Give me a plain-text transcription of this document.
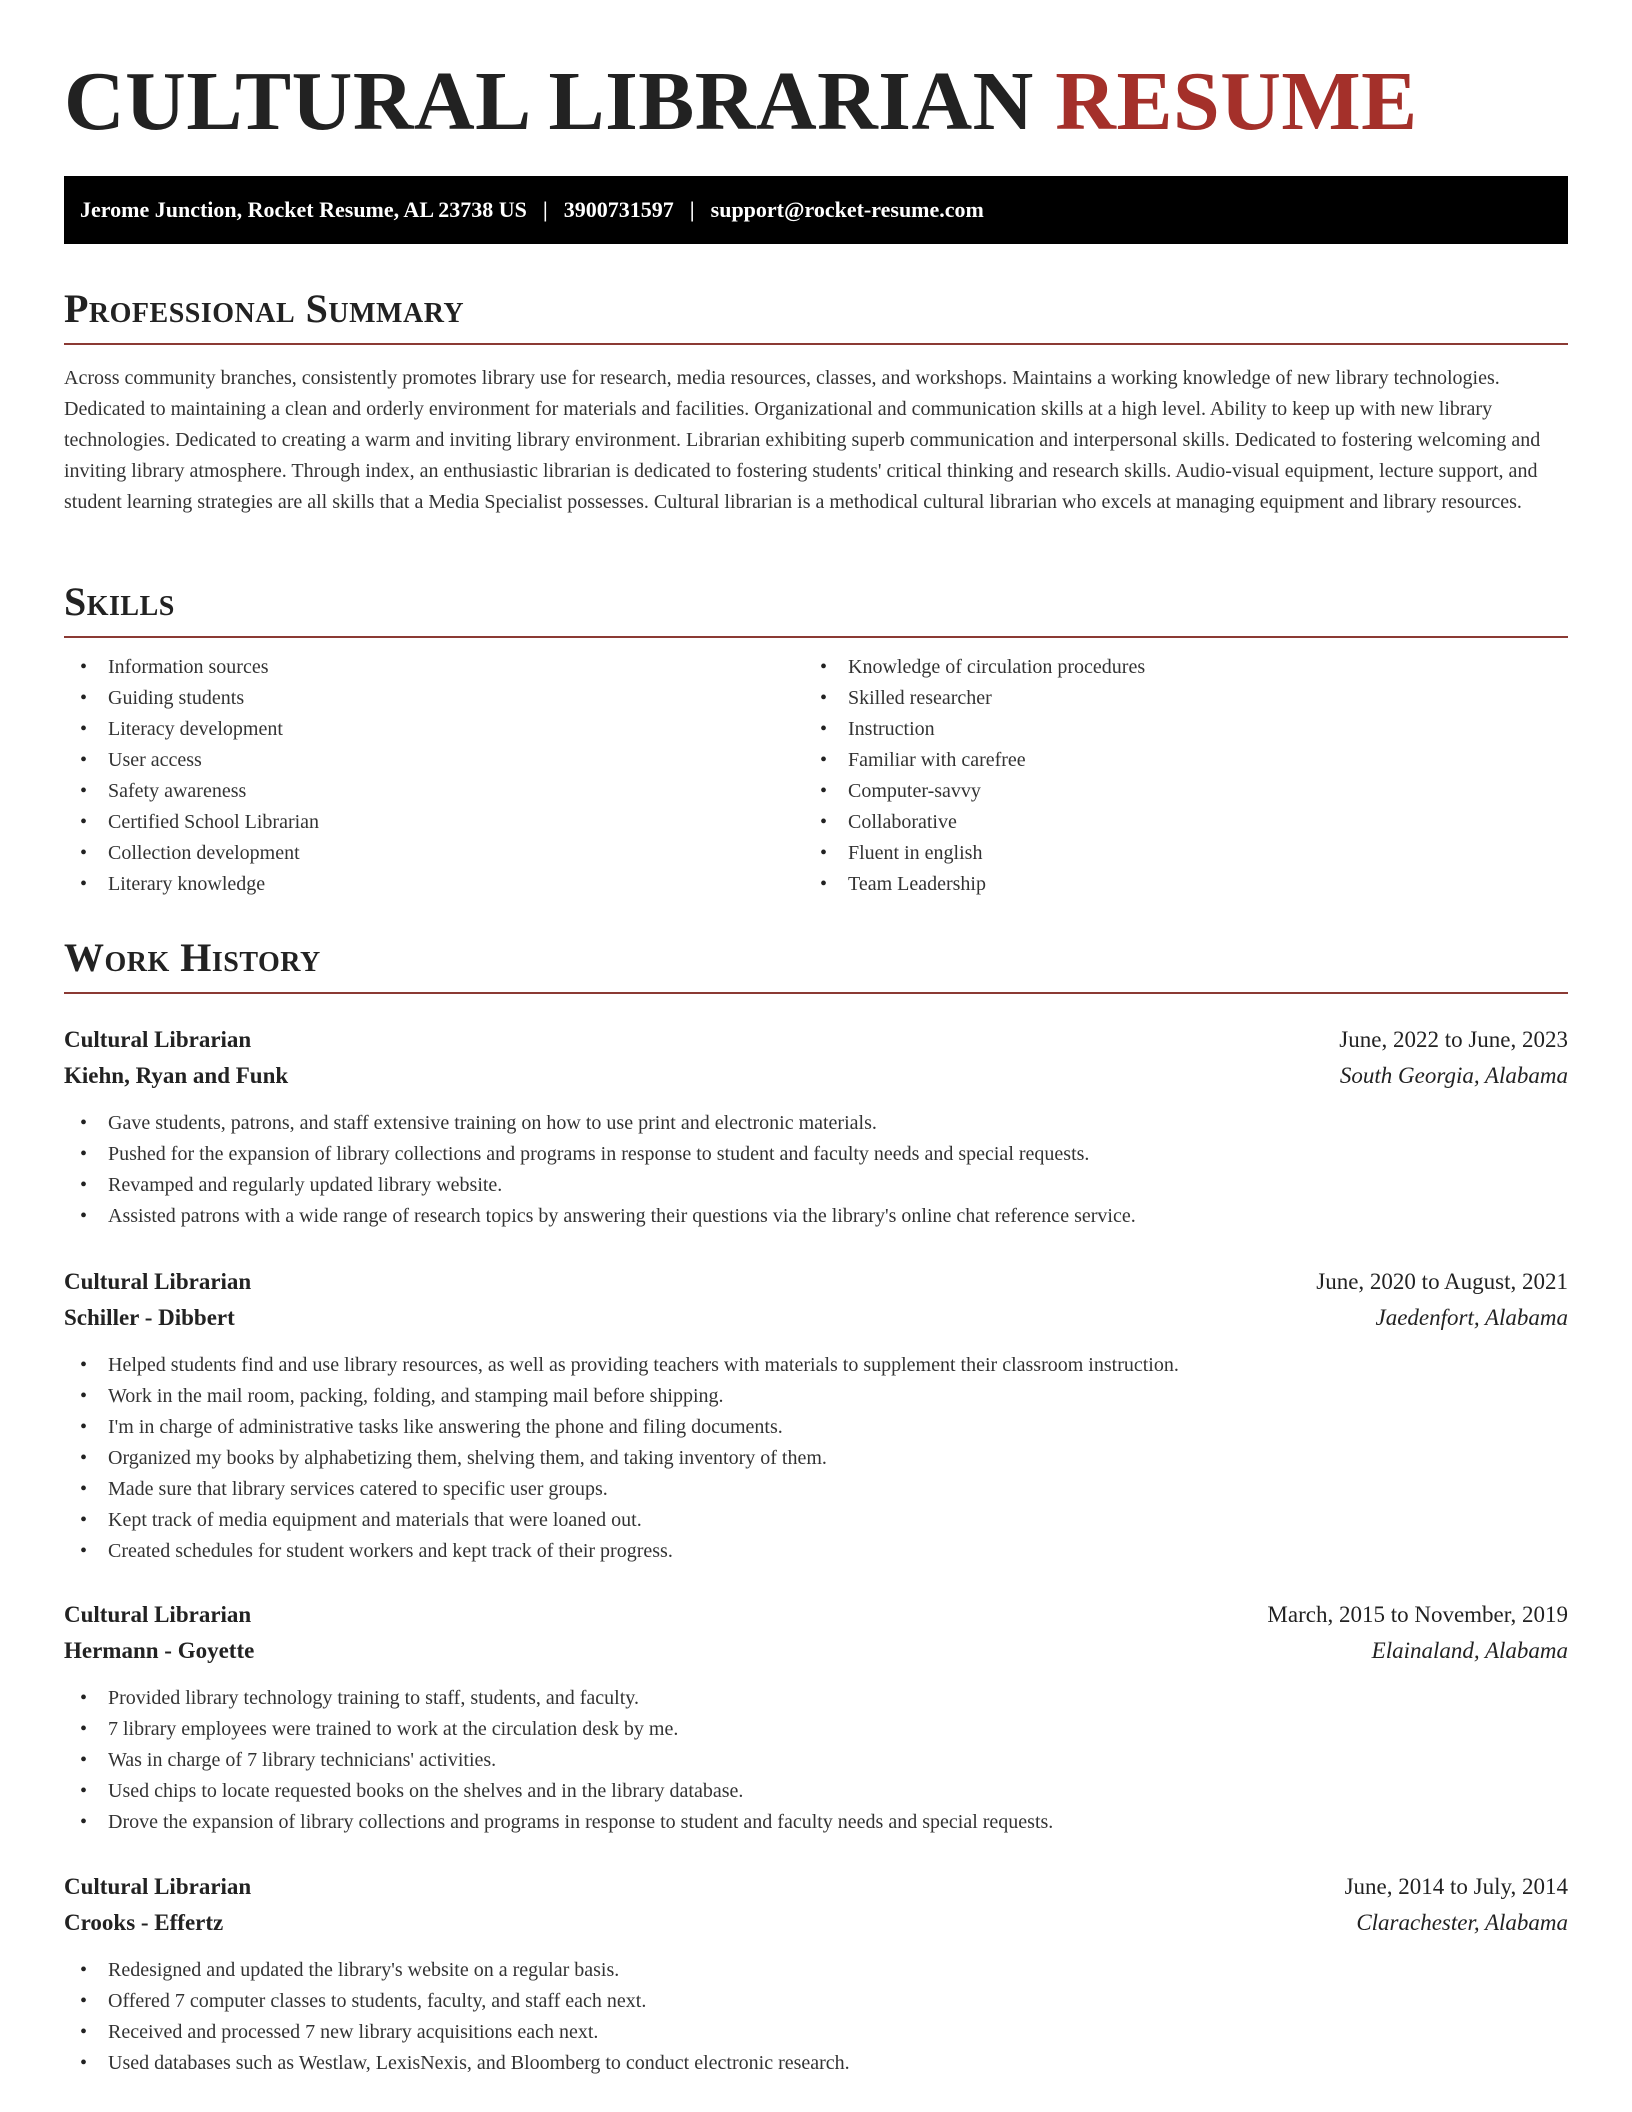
CULTURAL LIBRARIAN RESUME
Jerome Junction, Rocket Resume, AL 23738 US | 3900731597 | support@rocket-resume.com
Professional Summary

Across community branches, consistently promotes library use for research, media resources, classes, and workshops. Maintains a working knowledge of new library technologies. Dedicated to maintaining a clean and orderly environment for materials and facilities. Organizational and communication skills at a high level. Ability to keep up with new library technologies. Dedicated to creating a warm and inviting library environment. Librarian exhibiting superb communication and interpersonal skills. Dedicated to fostering welcoming and inviting library atmosphere. Through index, an enthusiastic librarian is dedicated to fostering students' critical thinking and research skills. Audio-visual equipment, lecture support, and student learning strategies are all skills that a Media Specialist possesses. Cultural librarian is a methodical cultural librarian who excels at managing equipment and library resources.

Skills
• Information sources
• Guiding students
• Literacy development
• User access
• Safety awareness
• Certified School Librarian
• Collection development
• Literary knowledge
• Knowledge of circulation procedures
• Skilled researcher
• Instruction
• Familiar with carefree
• Computer-savvy
• Collaborative
• Fluent in english
• Team Leadership
Work History
Cultural Librarian	June, 2022 to June, 2023
Kiehn, Ryan and Funk	South Georgia, Alabama
• Gave students, patrons, and staff extensive training on how to use print and electronic materials.
• Pushed for the expansion of library collections and programs in response to student and faculty needs and special requests.
• Revamped and regularly updated library website.
• Assisted patrons with a wide range of research topics by answering their questions via the library's online chat reference service.
Cultural Librarian	June, 2020 to August, 2021
Schiller - Dibbert	Jaedenfort, Alabama
• Helped students find and use library resources, as well as providing teachers with materials to supplement their classroom instruction.
• Work in the mail room, packing, folding, and stamping mail before shipping.
• I'm in charge of administrative tasks like answering the phone and filing documents.
• Organized my books by alphabetizing them, shelving them, and taking inventory of them.
• Made sure that library services catered to specific user groups.
• Kept track of media equipment and materials that were loaned out.
• Created schedules for student workers and kept track of their progress.
Cultural Librarian	March, 2015 to November, 2019
Hermann - Goyette	Elainaland, Alabama
• Provided library technology training to staff, students, and faculty.
• 7 library employees were trained to work at the circulation desk by me.
• Was in charge of 7 library technicians' activities.
• Used chips to locate requested books on the shelves and in the library database.
• Drove the expansion of library collections and programs in response to student and faculty needs and special requests.
Cultural Librarian	June, 2014 to July, 2014
Crooks - Effertz	Clarachester, Alabama
• Redesigned and updated the library's website on a regular basis.
• Offered 7 computer classes to students, faculty, and staff each next.
• Received and processed 7 new library acquisitions each next.
• Used databases such as Westlaw, LexisNexis, and Bloomberg to conduct electronic research.
